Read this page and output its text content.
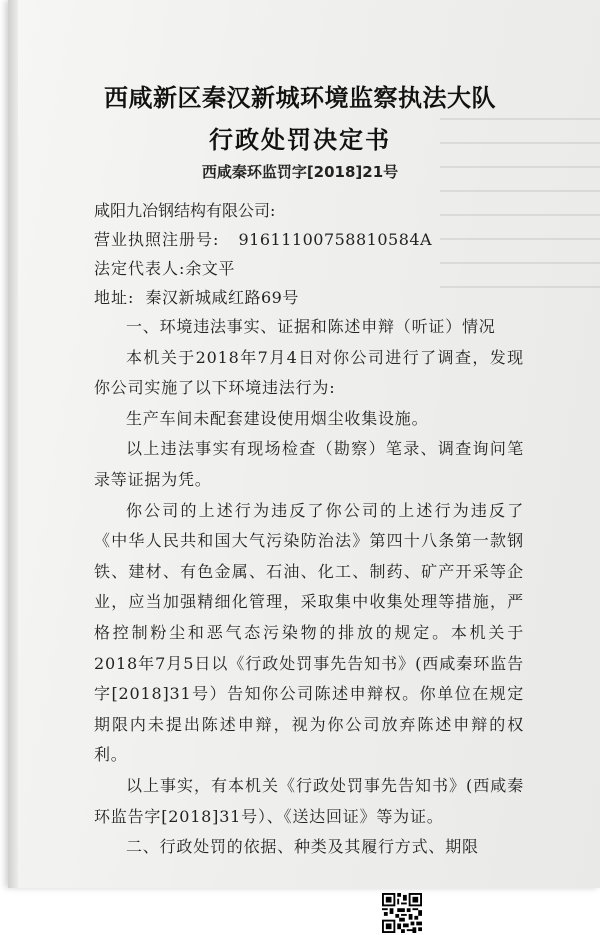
西咸新区秦汉新城环境监察执法大队
行政处罚决定书
西咸秦环监罚字[2018]21号
咸阳九冶钢结构有限公司:
营业执照注册号: 91611100758810584A
法定代表人:余文平
地址: 秦汉新城咸红路69号

一、环境违法事实、证据和陈述申辩（听证）情况

本机关于2018年7月4日对你公司进行了调查，发现你公司实施了以下环境违法行为:

生产车间未配套建设使用烟尘收集设施。

以上违法事实有现场检查（勘察）笔录、调查询问笔录等证据为凭。

你公司的上述行为违反了你公司的上述行为违反了《中华人民共和国大气污染防治法》第四十八条第一款钢铁、建材、有色金属、石油、化工、制药、矿产开采等企业，应当加强精细化管理，采取集中收集处理等措施，严格控制粉尘和恶气态污染物的排放的规定。本机关于2018年7月5日以《行政处罚事先告知书》(西咸秦环监告字[2018]31号）告知你公司陈述申辩权。你单位在规定期限内未提出陈述申辩，视为你公司放弃陈述申辩的权利。

以上事实，有本机关《行政处罚事先告知书》(西咸秦环监告字[2018]31号）、《送达回证》等为证。

二、行政处罚的依据、种类及其履行方式、期限
